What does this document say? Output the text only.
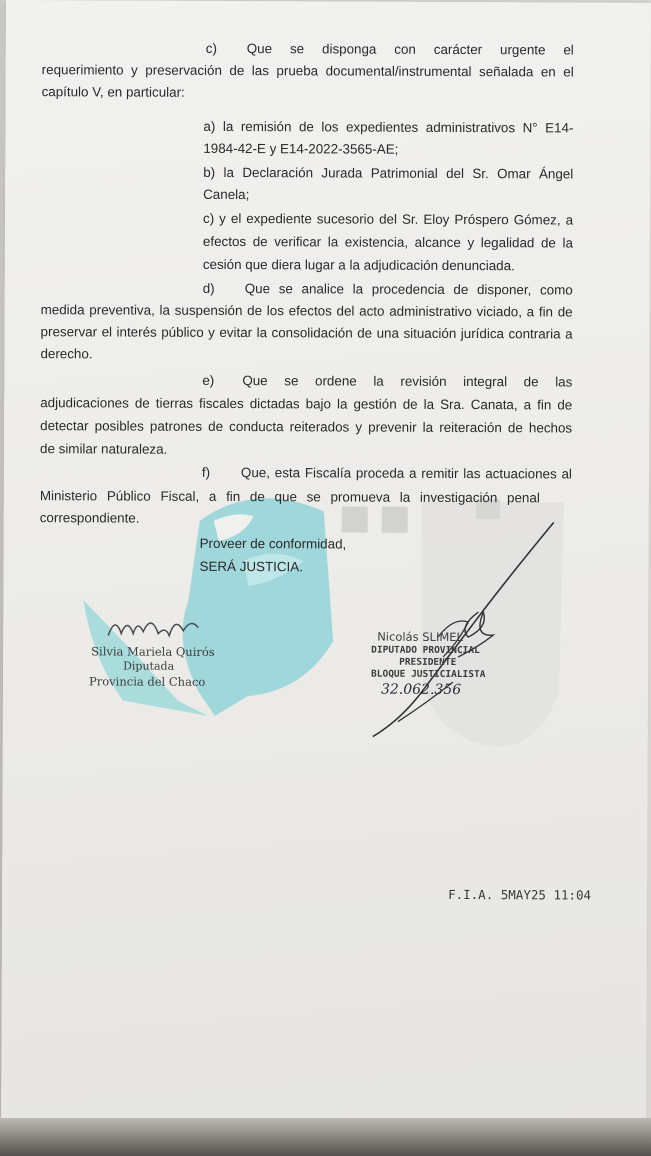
c) Que se disponga con carácter urgente el
requerimiento y preservación de las prueba documental/instrumental señalada en el
capítulo V, en particular:
a) la remisión de los expedientes administrativos N° E14-
1984-42-E y E14-2022-3565-AE;
b) la Declaración Jurada Patrimonial del Sr. Omar Ángel
Canela;
c) y el expediente sucesorio del Sr. Eloy Próspero Gómez, a
efectos de verificar la existencia, alcance y legalidad de la
cesión que diera lugar a la adjudicación denunciada.
d) Que se analice la procedencia de disponer, como
medida preventiva, la suspensión de los efectos del acto administrativo viciado, a fin de
preservar el interés público y evitar la consolidación de una situación jurídica contraria a
derecho.
e) Que se ordene la revisión integral de las
adjudicaciones de tierras fiscales dictadas bajo la gestión de la Sra. Canata, a fin de
detectar posibles patrones de conducta reiterados y prevenir la reiteración de hechos
de similar naturaleza.
f) Que, esta Fiscalía proceda a remitir las actuaciones al
Ministerio Público Fiscal, a fin de que se promueva la investigación penal
correspondiente.
Proveer de conformidad,
SERÁ JUSTICIA.
Silvia Mariela Quirós
Diputada
Provincia del Chaco
Nicolás SLIMEL
DIPUTADO PROVINCIAL
PRESIDENTE
BLOQUE JUSTICIALISTA
32.062.356
F.I.A. 5MAY25 11:04
